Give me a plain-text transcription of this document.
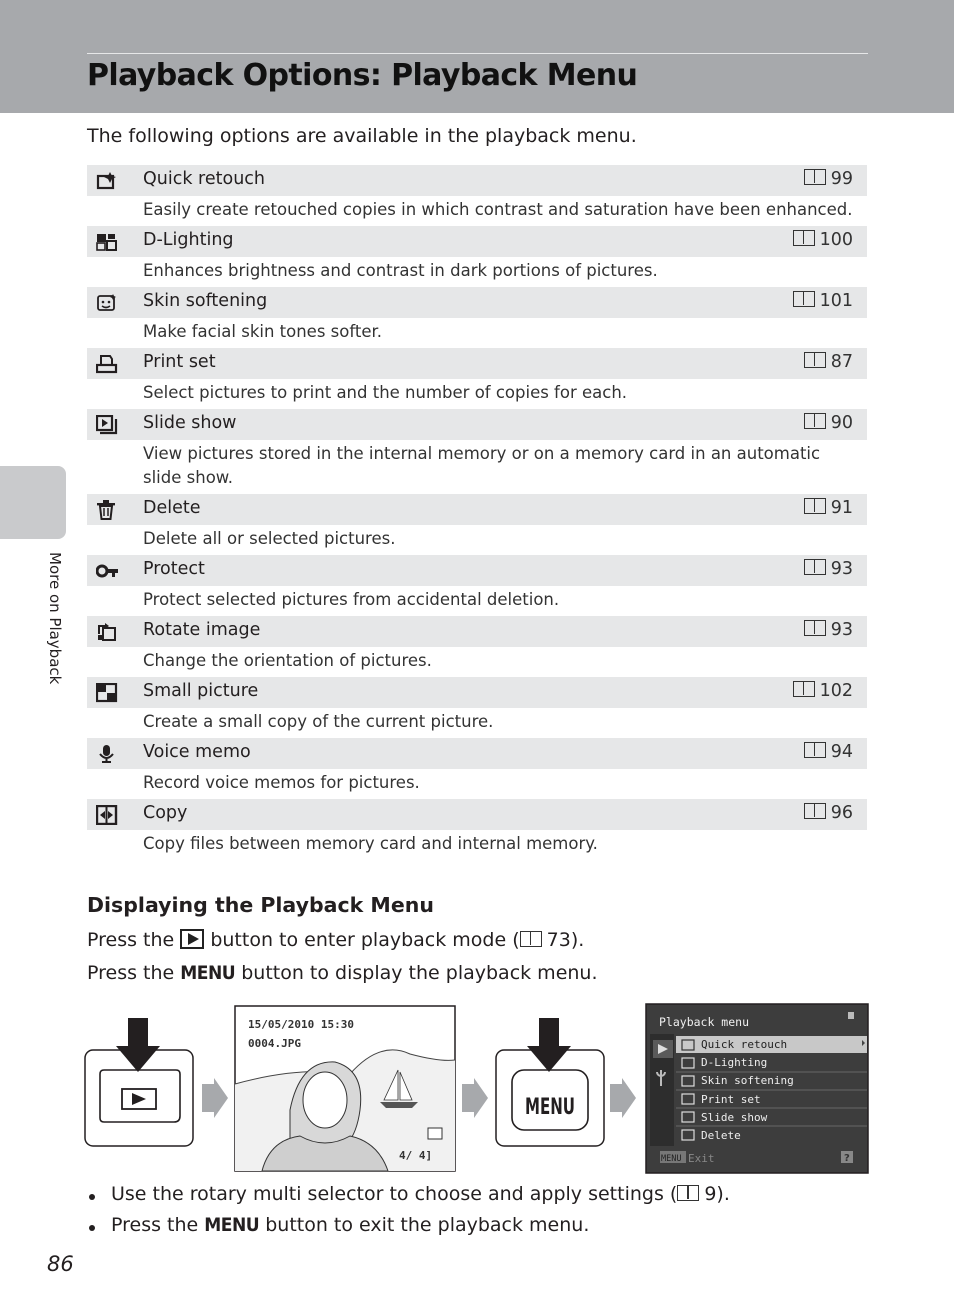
Playback Options: Playback Menu
More on Playback
The following options are available in the playback menu.
Quick retouch	99
Easily create retouched copies in which contrast and saturation have been enhanced.
D-Lighting	100
Enhances brightness and contrast in dark portions of pictures.
Skin softening	101
Make facial skin tones softer.
Print set	87
Select pictures to print and the number of copies for each.
Slide show	90
View pictures stored in the internal memory or on a memory card in an automatic slide show.
Delete	91
Delete all or selected pictures.
Protect	93
Protect selected pictures from accidental deletion.
Rotate image	93
Change the orientation of pictures.
Small picture	102
Create a small copy of the current picture.
Voice memo	94
Record voice memos for pictures.
Copy	96
Copy files between memory card and internal memory.
Displaying the Playback Menu
Press the button to enter playback mode ( 73).
Press the MENU button to display the playback menu.
15/05/2010 15:30
0004.JPG
4/ 4]
MENU
Playback menu
Quick retouch
D-Lighting
Skin softening
Print set
Slide show
Delete
MENU Exit	?
Use the rotary multi selector to choose and apply settings ( 9).
Press the MENU button to exit the playback menu.
86
